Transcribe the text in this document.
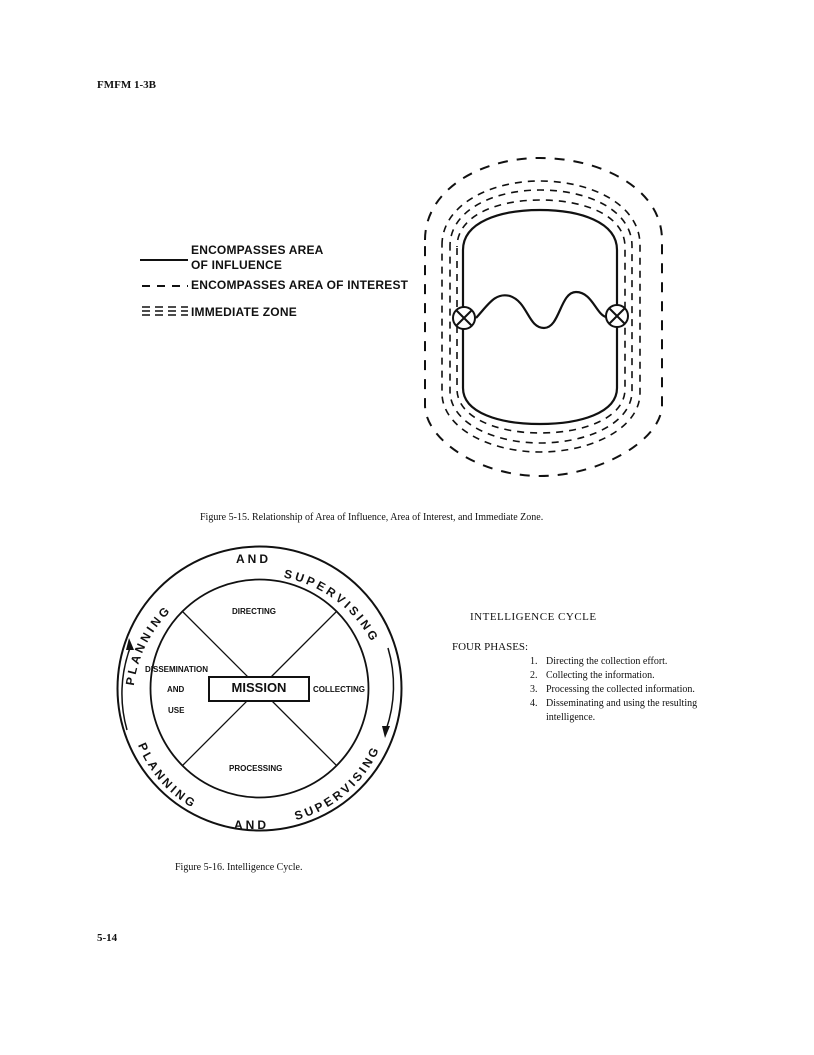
FMFM 1-3B
ENCOMPASSES AREA
OF INFLUENCE
ENCOMPASSES AREA OF INTEREST
IMMEDIATE ZONE
Figure 5-15. Relationship of Area of Influence, Area of Interest, and Immediate Zone.
PLANNING
SUPERVISING
PLANNING
SUPERVISING
AND
AND
DIRECTING
DISSEMINATION
AND
USE
MISSION	COLLECTING
PROCESSING
INTELLIGENCE CYCLE
FOUR PHASES:
1. Directing the collection effort.
2. Collecting the information.
3. Processing the collected information.
4. Disseminating and using the resulting intelligence.
Figure 5-16. Intelligence Cycle.
5-14
